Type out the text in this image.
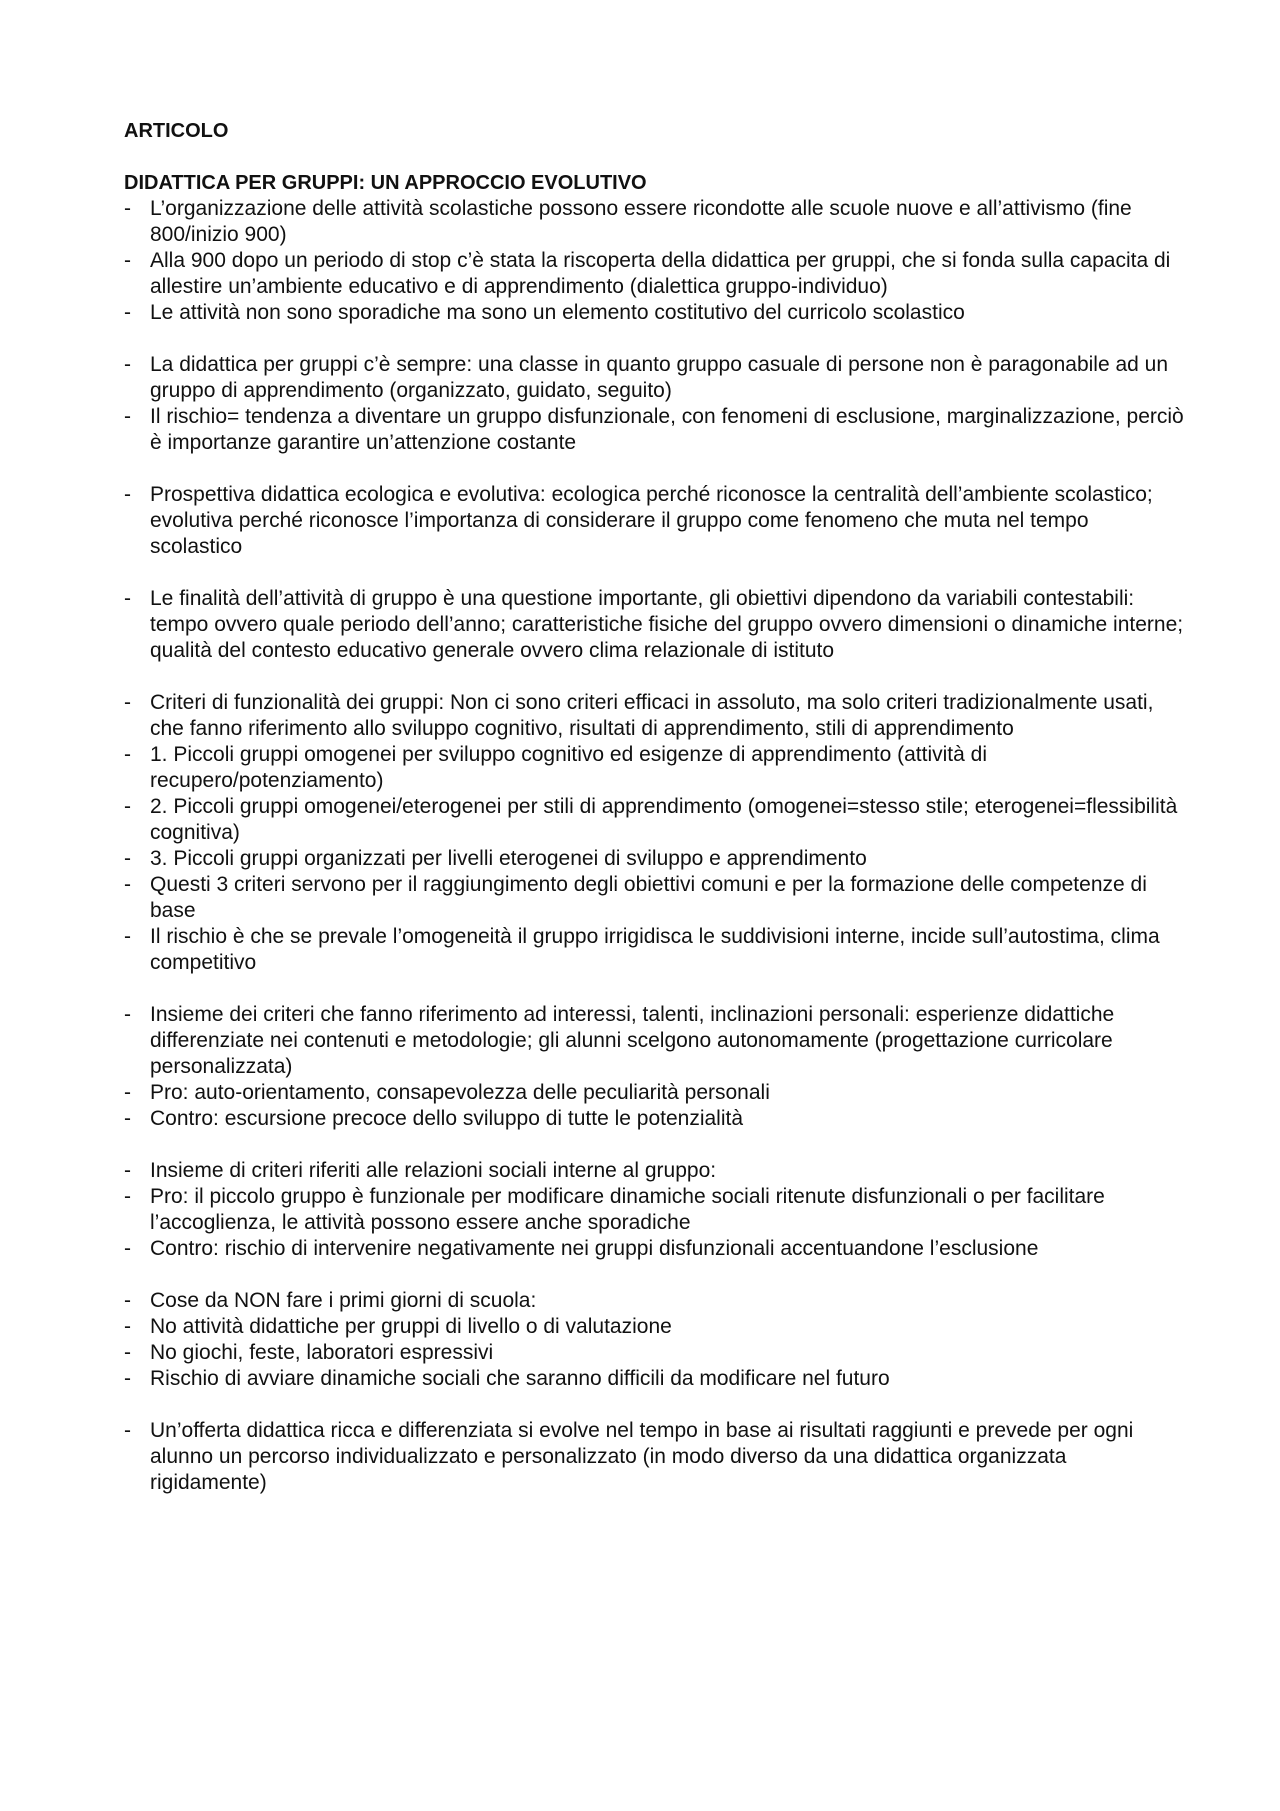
ARTICOLO

DIDATTICA PER GRUPPI: UN APPROCCIO EVOLUTIVO

- L’organizzazione delle attività scolastiche possono essere ricondotte alle scuole nuove e all’attivismo (fine 800/inizio 900)
- Alla 900 dopo un periodo di stop c’è stata la riscoperta della didattica per gruppi, che si fonda sulla capacita di allestire un’ambiente educativo e di apprendimento (dialettica gruppo-individuo)
- Le attività non sono sporadiche ma sono un elemento costitutivo del curricolo scolastico
- La didattica per gruppi c’è sempre: una classe in quanto gruppo casuale di persone non è paragonabile ad un gruppo di apprendimento (organizzato, guidato, seguito)
- Il rischio= tendenza a diventare un gruppo disfunzionale, con fenomeni di esclusione, marginalizzazione, perciò è importanze garantire un’attenzione costante
- Prospettiva didattica ecologica e evolutiva: ecologica perché riconosce la centralità dell’ambiente scolastico; evolutiva perché riconosce l’importanza di considerare il gruppo come fenomeno che muta nel tempo scolastico
- Le finalità dell’attività di gruppo è una questione importante, gli obiettivi dipendono da variabili contestabili: tempo ovvero quale periodo dell’anno; caratteristiche fisiche del gruppo ovvero dimensioni o dinamiche interne; qualità del contesto educativo generale ovvero clima relazionale di istituto
- Criteri di funzionalità dei gruppi: Non ci sono criteri efficaci in assoluto, ma solo criteri tradizionalmente usati, che fanno riferimento allo sviluppo cognitivo, risultati di apprendimento, stili di apprendimento
- 1. Piccoli gruppi omogenei per sviluppo cognitivo ed esigenze di apprendimento (attività di recupero/potenziamento)
- 2. Piccoli gruppi omogenei/eterogenei per stili di apprendimento (omogenei=stesso stile; eterogenei=flessibilità cognitiva)
- 3. Piccoli gruppi organizzati per livelli eterogenei di sviluppo e apprendimento
- Questi 3 criteri servono per il raggiungimento degli obiettivi comuni e per la formazione delle competenze di base
- Il rischio è che se prevale l’omogeneità il gruppo irrigidisca le suddivisioni interne, incide sull’autostima, clima competitivo
- Insieme dei criteri che fanno riferimento ad interessi, talenti, inclinazioni personali: esperienze didattiche differenziate nei contenuti e metodologie; gli alunni scelgono autonomamente (progettazione curricolare personalizzata)
- Pro: auto-orientamento, consapevolezza delle peculiarità personali
- Contro: escursione precoce dello sviluppo di tutte le potenzialità
- Insieme di criteri riferiti alle relazioni sociali interne al gruppo:
- Pro: il piccolo gruppo è funzionale per modificare dinamiche sociali ritenute disfunzionali o per facilitare l’accoglienza, le attività possono essere anche sporadiche
- Contro: rischio di intervenire negativamente nei gruppi disfunzionali accentuandone l’esclusione
- Cose da NON fare i primi giorni di scuola:
- No attività didattiche per gruppi di livello o di valutazione
- No giochi, feste, laboratori espressivi
- Rischio di avviare dinamiche sociali che saranno difficili da modificare nel futuro
- Un’offerta didattica ricca e differenziata si evolve nel tempo in base ai risultati raggiunti e prevede per ogni alunno un percorso individualizzato e personalizzato (in modo diverso da una didattica organizzata rigidamente)
